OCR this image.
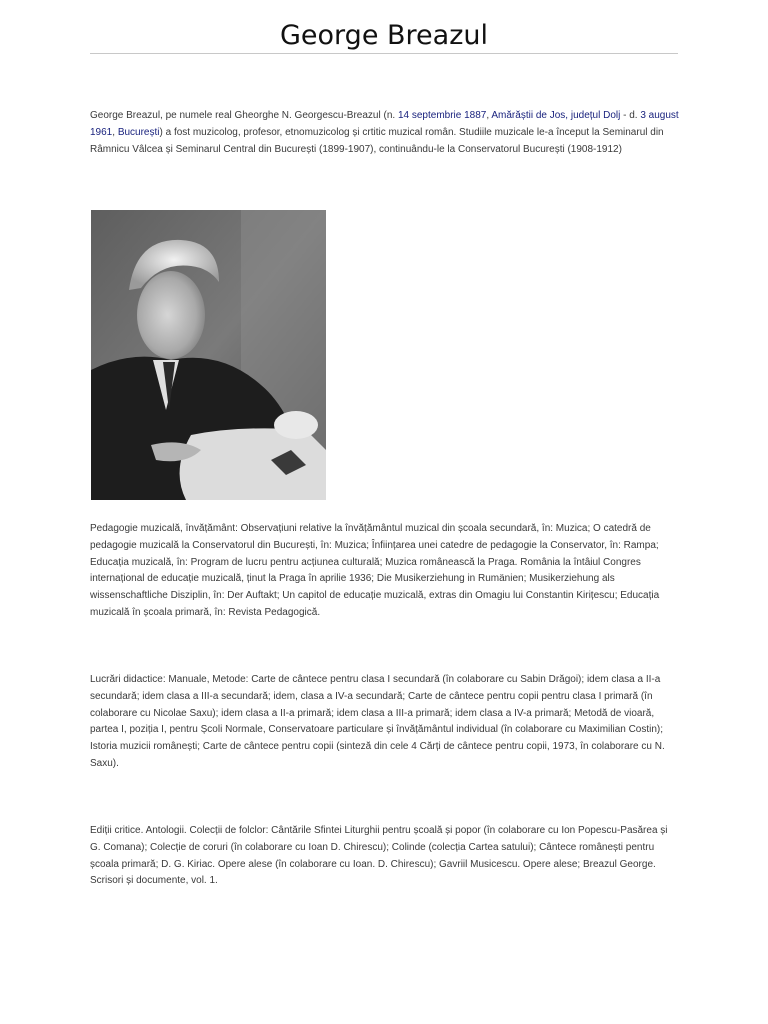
George Breazul

George Breazul, pe numele real Gheorghe N. Georgescu-Breazul (n. 14 septembrie 1887, Amărăștii de Jos, județul Dolj - d. 3 august 1961, București) a fost muzicolog, profesor, etnomuzicolog și crtitic muzical român. Studiile muzicale le-a început la Seminarul din Râmnicu Vâlcea și Seminarul Central din București (1899-1907), continuându-le la Conservatorul București (1908-1912)

Pedagogie muzicală, învățământ: Observațiuni relative la învățământul muzical din școala secundară, în: Muzica; O catedră de pedagogie muzicală la Conservatorul din București, în: Muzica; Înființarea unei catedre de pedagogie la Conservator, în: Rampa; Educația muzicală, în: Program de lucru pentru acțiunea culturală; Muzica românească la Praga. România la întâiul Congres internațional de educație muzicală, ținut la Praga în aprilie 1936; Die Musikerziehung in Rumänien; Musikerziehung als wissenschaftliche Disziplin, în: Der Auftakt; Un capitol de educație muzicală, extras din Omagiu lui Constantin Kirițescu; Educația muzicală în școala primară, în: Revista Pedagogică.

Lucrări didactice: Manuale, Metode: Carte de cântece pentru clasa I secundară (în colaborare cu Sabin Drăgoi); idem clasa a II-a secundară; idem clasa a III-a secundară; idem, clasa a IV-a secundară; Carte de cântece pentru copii pentru clasa I primară (în colaborare cu Nicolae Saxu); idem clasa a II-a primară; idem clasa a III-a primară; idem clasa a IV-a primară; Metodă de vioară, partea I, poziția I, pentru Școli Normale, Conservatoare particulare și învățământul individual (în colaborare cu Maximilian Costin); Istoria muzicii românești; Carte de cântece pentru copii (sinteză din cele 4 Cărți de cântece pentru copii, 1973, în colaborare cu N. Saxu).

Ediții critice. Antologii. Colecții de folclor: Cântările Sfintei Liturghii pentru școală și popor (în colaborare cu Ion Popescu-Pasărea și G. Comana); Colecție de coruri (în colaborare cu Ioan D. Chirescu); Colinde (colecția Cartea satului); Cântece românești pentru școala primară; D. G. Kiriac. Opere alese (în colaborare cu Ioan. D. Chirescu); Gavriil Musicescu. Opere alese; Breazul George. Scrisori și documente, vol. 1.
